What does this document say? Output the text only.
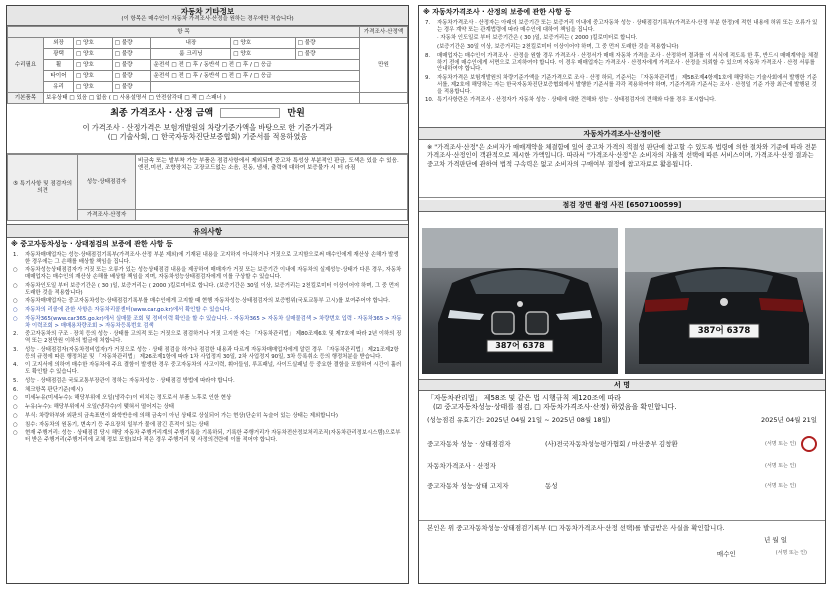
자동차 기타정보
(이 항목은 매수인이 자동차 가격조사·산정을 원하는 경우에만 적습니다)
항 목							가격조사·산정액
수리필요	외장	□ 양호	□ 불량	내장	□ 양호	□ 불량	만원
	광택	□ 양호	□ 불량	룸 크리닝	□ 양호	□ 불량	
	휠	□ 양호	□ 불량	운전석 □ 전 □ 후 / 동반석 □ 전 □ 후 / □ 응급			
	타이어	□ 양호	□ 불량	운전석 □ 전 □ 후 / 동반석 □ 전 □ 후 / □ 응급			
	유리	□ 양호	□ 불량				
기본품목	보유상태 □ 있음 □ 없음 ( □ 사용설명서 □ 안전삼각대 □ 잭 □ 스패너 )						
최종 가격조사 · 산정 금액	만원
이 가격조사 · 산정가격은 보험개발원의 차량기준가액을 바탕으로 한 기준가격과
(□ 기술사회, □ 한국자동차진단보증협회) 기준서를 적용하였음
⑤ 특기사항 및 점검자의 의견	성능·상태점검자	비금속 또는 발부착 가능 부품은 점검사항에서 제외되며 중고차 특성상 부분적인 판금, 도색은 있을 수 있음. 엔진,미션, 조향장치는 고장코드없는 소음, 진동, 냄새, 출력에 대하여 보증불가 시 터 라짐
	가격조사·산정자	
유의사항
※ 중고자동차성능 · 상태점검의 보증에 관한 사항 등
1. 자동차매매업자는 성능·상태점검기록부(가격조사·산정 부분 제외)에 기재된 내용을 고지하지 아니하거나 거짓으로 고지함으로써 매수인에게 재산상 손해가 발생한 경우에는 그 손해를 배상할 책임을 집니다.
○ 자동차성능상태점검자가 거짓 또는 오류가 있는 성능상태점검 내용을 제공하여 매매자가 거짓 또는 보증기간 이내에 자동차의 실제성능·상태가 다른 경우, 자동차매매업자는 매수인의 재산상 손해를 배상할 책임을 지며, 자동차성능상태점검자에게 이를 구상할 수 있습니다.
○ 자동차인도일 부터 보증기간은 ( 30 )일, 보증거리는 ( 2000 )킬로미터로 합니다. (보증기간은 30일 이상, 보증거리는 2천킬로미터 이상이어야 하며, 그 중 먼저 도래한 것을 적용합니다)
○ 자동차매매업자는 중고자동차성능·상태점검기록부를 매수인에게 고지할 때 현행 자동차성능·상태점검자의 보증범위(국토교통부 고시)를 보여주어야 합니다.
○ 자동차의 리콜에 관한 사항은 자동차리콜센터(www.car.go.kr)에서 확인할 수 있습니다.
○ 자동차365(www.car365.go.kr)에서 실매물 조회 및 정비이력 확인을 할 수 있습니다. - 자동차365 > 자동차 실매물검색 > 차량번호 입력 - 자동차365 > 자동차 이력조회 > 매매용차량조회 > 자동차등록번호 검색
2. 중고자동차의 구조 · 장치 등의 성능 · 상태를 고의적 또는 거짓으로 점검하거나 거짓 고지한 자는 「자동차관리법」 제80조제6호 및 제7호에 따라 2년 이하의 징역 또는 2천만원 이하의 벌금에 처합니다.
3. 성능 · 상태점검자(자동차정비업자)가 거짓으로 성능 · 상태 점검을 하거나 점검한 내용과 다르게 자동차매매업자에게 알린 경우 「자동차관리법」 제21조제2항 등의 규정에 따른 행정처분 및 「자동차관리법」 제26조제1항에 따라 1차 사업정지 30일, 2차 사업정지 90일, 3차 등록취소 등의 행정처분을 받습니다.
4. 이 고지서에 의하여 매수한 자동차에 주요 결함이 발생한 경우 중고자동차의 사고이력, 휘어들임, 루프패널, 사이드실패널 등 중요한 결함을 포함하여 시간이 흘러도 확인할 수 있습니다.
5. 성능 · 상태점검은 국토교통부장관이 정하는 자동차성능 · 상태점검 방법에 따라야 합니다.
6. 체크항목 판단기준(예시)
○ 미세누유(미세누수): 해당부위에 오일(냉각수)이 비치는 정도로서 부품 노후로 인한 현상
○ 누유(누수): 해당부위에서 오일(냉각수)이 맺혀서 떨어지는 상태
○ 부식: 차량하부와 외판의 금속표면이 화학반응에 의해 금속이 아닌 상태로 상실되어 가는 현상(단순히 녹슬어 있는 상태는 제외합니다)
○ 침수: 자동차의 원동기, 변속기 등 주요장치 일부가 물에 잠긴 흔적이 있는 상태
○ 현재 주행거리: 성능 · 상태점검 당시 해당 자동차 주행거리계의 주행기록을 기록하되, 기록한 주행거리가 자동차전산정보처리조직(자동차관리정보시스템)으로부터 받은 주행거리(주행거리에 교체 정보 포함)보다 적은 경우 주행거리 및 사정의견란에 이를 적어야 합니다.
※ 자동차가격조사 · 산정의 보증에 관한 사항 등
7. 자동차가격조사 · 산정자는 아래의 보증기간 또는 보증거리 이내에 중고자동차 성능 · 상태점검기록부(가격조사·산정 부분 한정)에 적힌 내용에 허위 또는 오류가 있는 경우 계약 또는 관계법령에 따라 매수인에 대하여 책임을 집니다.
· 자동차 인도일로 부터 보증기간은 ( 30 )일, 보증거리는 ( 2000 )킬로미터로 합니다.
(보증기간은 30일 이상, 보증거리는 2천킬로미터 이상이어야 하며, 그 중 먼저 도래한 것을 적용합니다)
8. 매매업자는 매수인이 가격조사 · 산정을 원할 경우 가격조사 · 산정서가 매매 자동차 가격을 조사 · 산정하여 결과를 이 서식에 적도록 한 후, 반드시 매매계약을 체결하기 전에 매수인에게 서면으로 고지하여야 합니다. 이 경우 매매업자는 가격조사 · 산정자에게 가격조사 · 산정을 의뢰할 수 있으며 자동차 가격조사 · 산정 서류를 안내하여야 합니다.
9. 자동차가격은 보험개발원의 차량기준가액을 기준가격으로 조사 · 산정 하되, 기준서는 「자동차관리법」 제58조제4항제1호에 해당하는 기술사회에서 발행한 기준서를, 제2호에 해당하는 자는 한국자동차진단보증협회에서 발행한 기준서를 각각 적용하여야 하며, 기준가격과 기준서는 조사 · 산정일 기준 가장 최근에 발행된 것을 적용합니다.
10. 특기사항란은 가격조사 · 산정자가 자동차 성능 · 상태에 대한 견해와 성능 · 상태점검자의 견해와 다를 경우 표시합니다.
자동차가격조사·산정이란
※ "가격조사·산정"은 소비자가 매매계약을 체결함에 있어 중고차 가격의 적절성 판단에 참고할 수 있도록 법령에 의한 절차와 기준에 따라 전문 가격조사·산정인이 객관적으로 제시한 가액입니다. 따라서 "가격조사·산정"은 소비자의 자율적 선택에 따른 서비스이며, 가격조사·산정 결과는 중고차 가격판단에 관하여 법적 구속력은 없고 소비자의 구매여부 결정에 참고자료로 활용됩니다.
점검 장면 촬영 사진 [6507100599]
387어 6378
387어 6378
서 명
「자동차관리법」 제58조 및 같은 법 시행규칙 제120조에 따라
(☑ 중고자동차성능·상태를 점검, □ 자동차가격조사·산정) 하였음을 확인합니다.
(성능점검 유효기간: 2025년 04월 21일 ~ 2025년 08월 18일)	2025년 04월 21일
중고자동차 성능 · 상태점검자	(사)전국자동차성능평가협회 / 마산중부 김창환	(서명 또는 인)
자동차가격조사 · 산정자	(서명 또는 인)
중고자동차 성능·상태 고지자	동성	(서명 또는 인)
본인은 위 중고자동차성능·상태점검기록부 (□ 자동차가격조사·산정 선택)를 발급받은 사실을 확인합니다.
년 월 일
매수인	(서명 또는 인)
